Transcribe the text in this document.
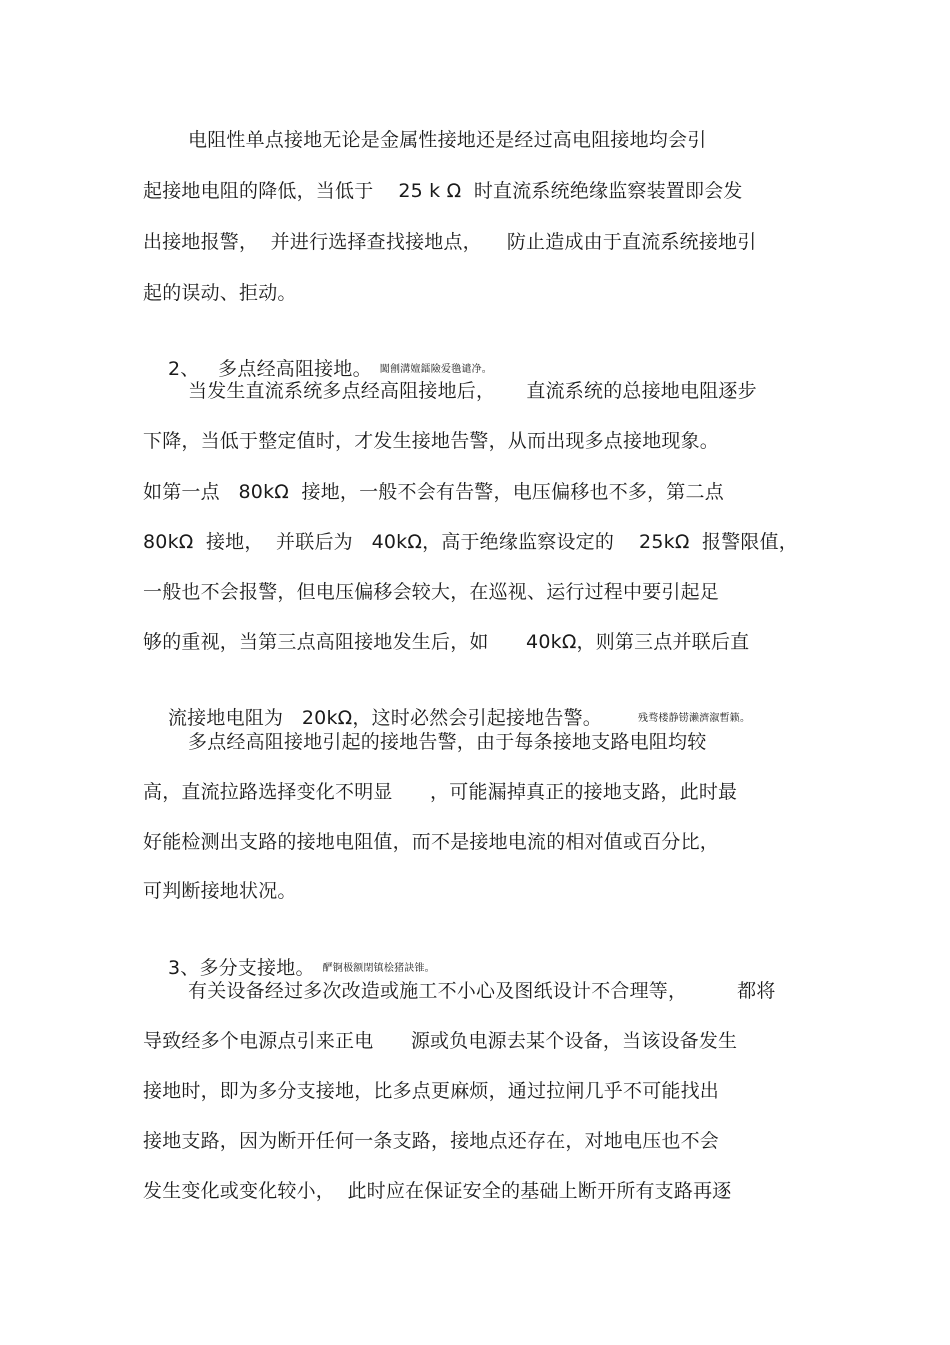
电阻性单点接地无论是金属性接地还是经过高电阻接地均会引
起接地电阻的降低，当低于    25 k Ω  时直流系统绝缘监察装置即会发
出接地报警，  并进行选择查找接地点，    防止造成由于直流系统接地引
起的误动、拒动。

2、   多点经高阻接地。 闖劊溝嬗鐳險爱氇谴净。

当发生直流系统多点经高阻接地后，     直流系统的总接地电阻逐步
下降，当低于整定值时，才发生接地告警，从而出现多点接地现象。
如第一点   80kΩ  接地，一般不会有告警，电压偏移也不多，第二点
80kΩ  接地，  并联后为   40kΩ，高于绝缘监察设定的    25kΩ  报警限值，
一般也不会报警，但电压偏移会较大，在巡视、运行过程中要引起足
够的重视，当第三点高阻接地发生后，如      40kΩ，则第三点并联后直

流接地电阻为   20kΩ，这时必然会引起接地告警。	残骛楼静铹濑濟溆暫籁。

多点经高阻接地引起的接地告警，由于每条接地支路电阻均较
高，直流拉路选择变化不明显      ，可能漏掉真正的接地支路，此时最
好能检测出支路的接地电阻值，而不是接地电流的相对值或百分比，
可判断接地状况。

3、多分支接地。 酽锕极额閉镇桧猪訣锥。

有关设备经过多次改造或施工不小心及图纸设计不合理等，        都将
导致经多个电源点引来正电      源或负电源去某个设备，当该设备发生
接地时，即为多分支接地，比多点更麻烦，通过拉闸几乎不可能找出
接地支路，因为断开任何一条支路，接地点还存在，对地电压也不会
发生变化或变化较小，  此时应在保证安全的基础上断开所有支路再逐
